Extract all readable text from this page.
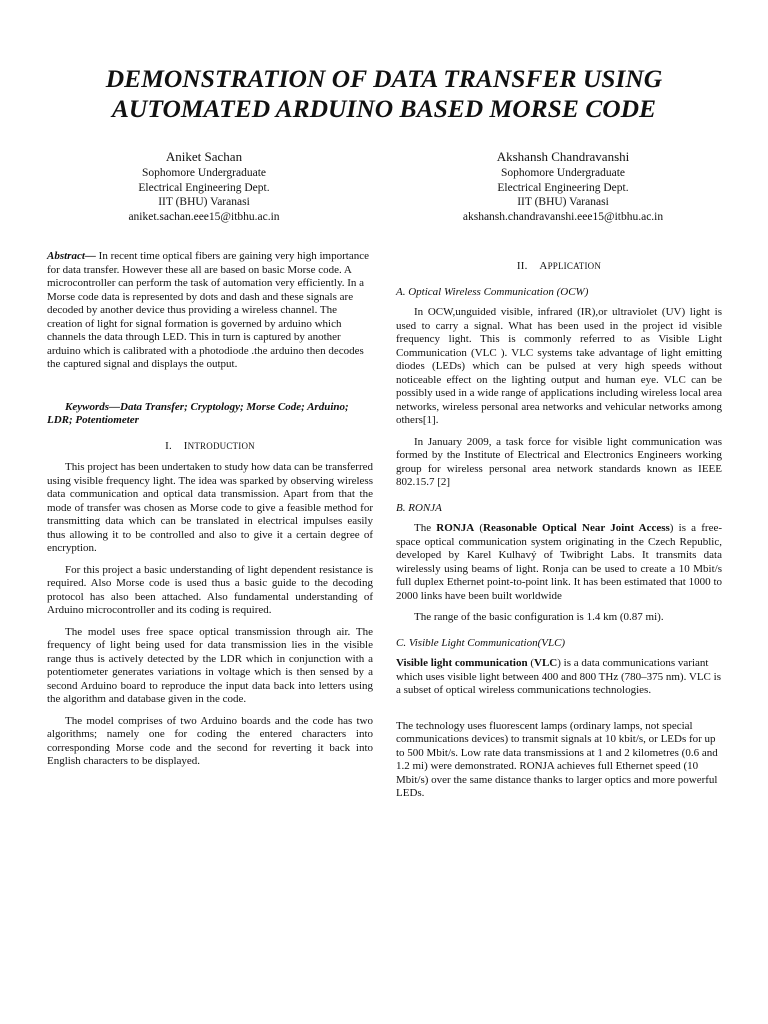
DEMONSTRATION OF DATA TRANSFER USING
AUTOMATED ARDUINO BASED MORSE CODE
Aniket Sachan
Sophomore Undergraduate
Electrical Engineering Dept.
IIT (BHU) Varanasi
aniket.sachan.eee15@itbhu.ac.in
Akshansh Chandravanshi
Sophomore Undergraduate
Electrical Engineering Dept.
IIT (BHU) Varanasi
akshansh.chandravanshi.eee15@itbhu.ac.in

Abstract— In recent time optical fibers are gaining very high importance for data transfer. However these all are based on basic Morse code. A microcontroller can perform the task of automation very efficiently. In a Morse code data is represented by dots and dash and these signals are decoded by another device thus providing a wireless channel. The creation of light for signal formation is governed by arduino which channels the data through LED. This in turn is captured by another arduino which is calibrated with a photodiode .the arduino then decodes the captured signal and displays the output.

Keywords—Data Transfer; Cryptology; Morse Code; Arduino; LDR; Potentiometer

I. INTRODUCTION

This project has been undertaken to study how data can be transferred using visible frequency light. The idea was sparked by observing wireless data communication and optical data transmission. Apart from that the mode of transfer was chosen as Morse code to give a feasible method for transmitting data which can be translated in electrical impulses easily thus allowing it to be controlled and also to give it a certain degree of encryption.

For this project a basic understanding of light dependent resistance is required. Also Morse code is used thus a basic guide to the decoding protocol has also been attached. Also fundamental understanding of Arduino microcontroller and its coding is required.

The model uses free space optical transmission through air. The frequency of light being used for data transmission lies in the visible range thus is actively detected by the LDR which in conjunction with a potentiometer generates variations in voltage which is then sensed by a second Arduino board to reproduce the input data back into letters using the algorithm and database given in the code.

The model comprises of two Arduino boards and the code has two algorithms; namely one for coding the entered characters into corresponding Morse code and the second for reverting it back into English characters to be displayed.

II. APPLICATION
A. Optical Wireless Communication (OCW)

In OCW,unguided visible, infrared (IR),or ultraviolet (UV) light is used to carry a signal. What has been used in the project id visible frequency light. This is commonly referred to as Visible Light Communication (VLC ). VLC systems take advantage of light emitting diodes (LEDs) which can be pulsed at very high speeds without noticeable effect on the lighting output and human eye. VLC can be possibly used in a wide range of applications including wireless local area networks, wireless personal area networks and vehicular networks among others[1].

In January 2009, a task force for visible light communication was formed by the Institute of Electrical and Electronics Engineers working group for wireless personal area network standards known as IEEE 802.15.7 [2]

B. RONJA

The RONJA (Reasonable Optical Near Joint Access) is a free-space optical communication system originating in the Czech Republic, developed by Karel Kulhavý of Twibright Labs. It transmits data wirelessly using beams of light. Ronja can be used to create a 10 Mbit/s full duplex Ethernet point-to-point link. It has been estimated that 1000 to 2000 links have been built worldwide

The range of the basic configuration is 1.4 km (0.87 mi).

C. Visible Light Communication(VLC)

Visible light communication (VLC) is a data communications variant which uses visible light between 400 and 800 THz (780–375 nm). VLC is a subset of optical wireless communications technologies.

The technology uses fluorescent lamps (ordinary lamps, not special communications devices) to transmit signals at 10 kbit/s, or LEDs for up to 500 Mbit/s. Low rate data transmissions at 1 and 2 kilometres (0.6 and 1.2 mi) were demonstrated. RONJA achieves full Ethernet speed (10 Mbit/s) over the same distance thanks to larger optics and more powerful LEDs.
